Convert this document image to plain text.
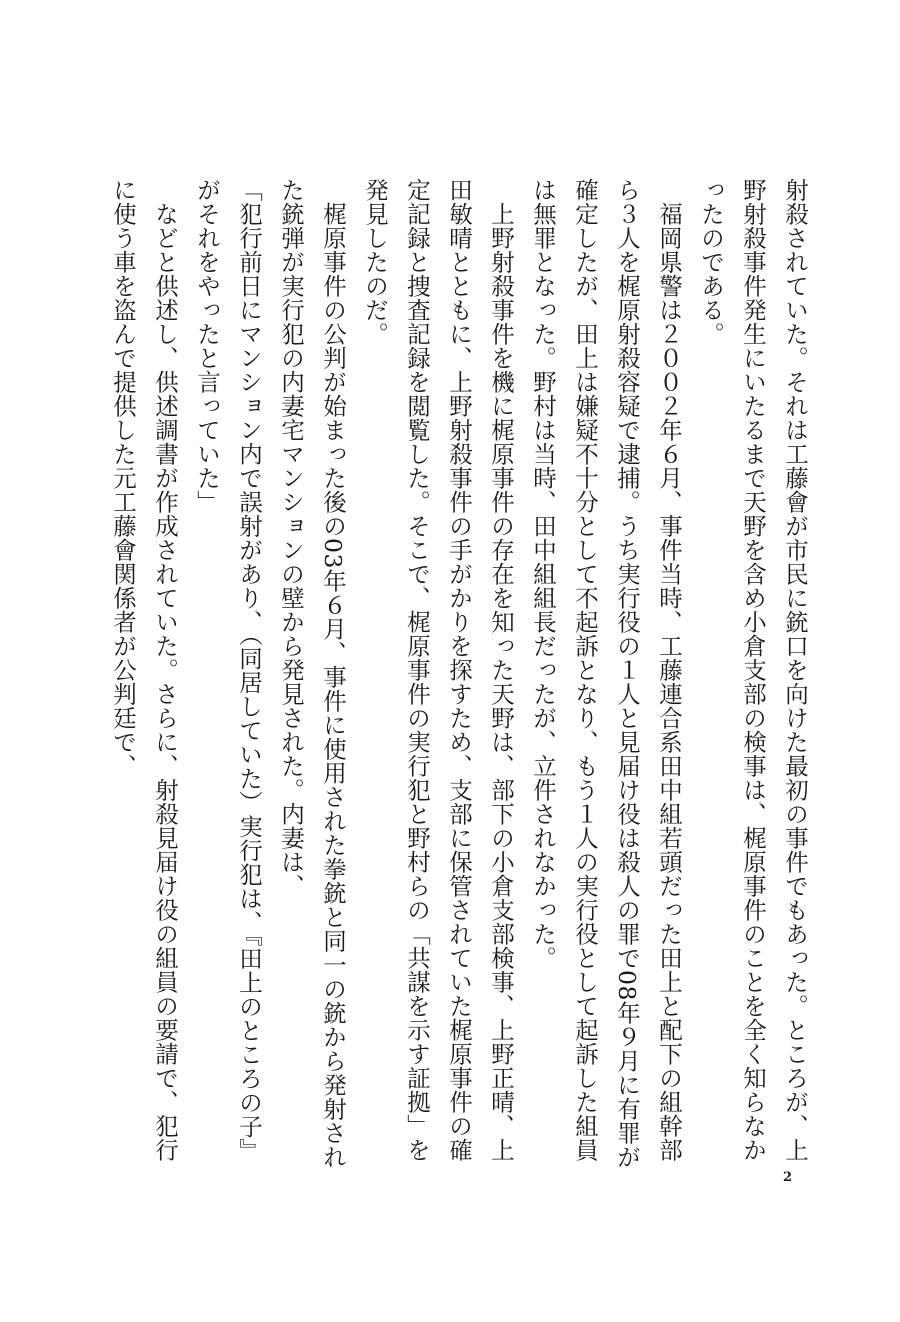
射殺されていた。それは工藤會が市民に銃口を向けた最初の事件でもあった。ところが、上

野射殺事件発生にいたるまで天野を含め小倉支部の検事は、梶原事件のことを全く知らなか

ったのである。

　福岡県警は２００２年６月、事件当時、工藤連合系田中組若頭だった田上と配下の組幹部

ら３人を梶原射殺容疑で逮捕。うち実行役の１人と見届け役は殺人の罪で08年９月に有罪が

確定したが、田上は嫌疑不十分として不起訴となり、もう１人の実行役として起訴した組員

は無罪となった。野村は当時、田中組組長だったが、立件されなかった。

　上野射殺事件を機に梶原事件の存在を知った天野は、部下の小倉支部検事、上野正晴、上

田敏晴とともに、上野射殺事件の手がかりを探すため、支部に保管されていた梶原事件の確

定記録と捜査記録を閲覧した。そこで、梶原事件の実行犯と野村らの「共謀を示す証拠」を

発見したのだ。

　梶原事件の公判が始まった後の03年６月、事件に使用された拳銃と同一の銃から発射され

た銃弾が実行犯の内妻宅マンションの壁から発見された。内妻は、

「犯行前日にマンション内で誤射があり、（同居していた）実行犯は、『田上のところの子』

がそれをやったと言っていた」

　などと供述し、供述調書が作成されていた。さらに、射殺見届け役の組員の要請で、犯行

に使う車を盗んで提供した元工藤會関係者が公判廷で、

2
